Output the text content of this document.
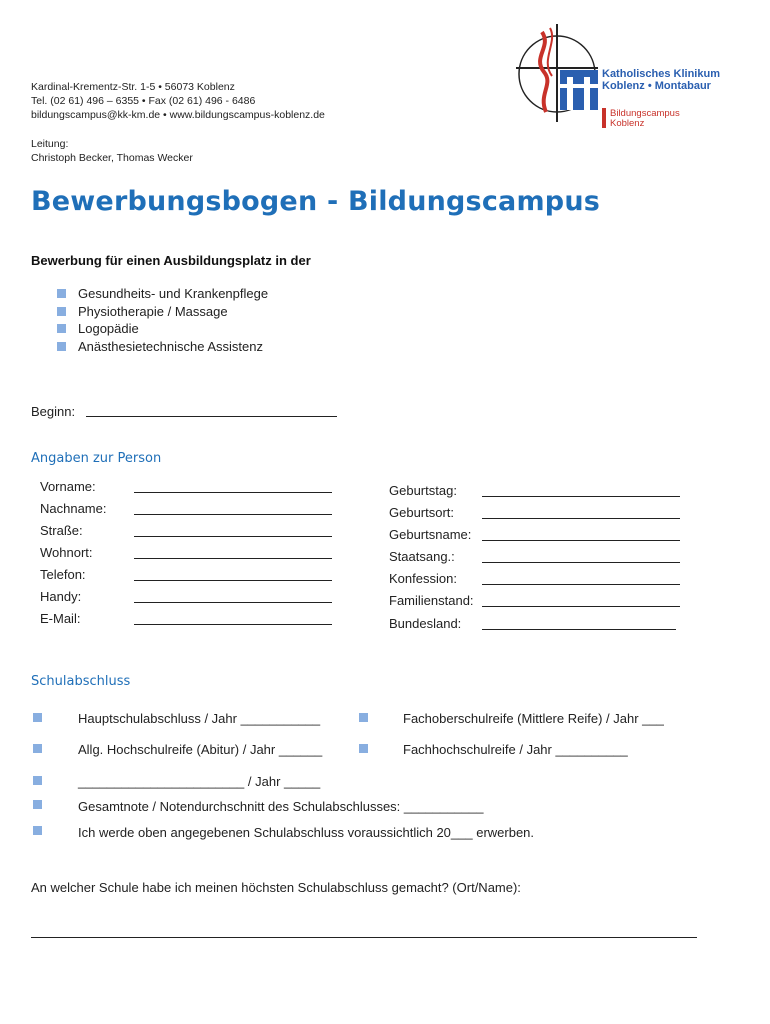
Kardinal-Krementz-Str. 1-5 • 56073 Koblenz
Tel. (02 61) 496 – 6355 • Fax (02 61) 496 - 6486
bildungscampus@kk-km.de • www.bildungscampus-koblenz.de
Leitung:
Christoph Becker, Thomas Wecker
Katholisches Klinikum
Koblenz • Montabaur
Bildungscampus
Koblenz
Bewerbungsbogen - Bildungscampus
Bewerbung für einen Ausbildungsplatz in der
Gesundheits- und Krankenpflege
Physiotherapie / Massage
Logopädie
Anästhesietechnische Assistenz
Beginn:
Angaben zur Person
Vorname:
Nachname:
Straße:
Wohnort:
Telefon:
Handy:
E-Mail:
Geburtstag:
Geburtsort:
Geburtsname:
Staatsang.:
Konfession:
Familienstand:
Bundesland:
Schulabschluss
Hauptschulabschluss / Jahr ___________	Fachoberschulreife (Mittlere Reife) / Jahr ___
Allg. Hochschulreife (Abitur) / Jahr ______	Fachhochschulreife / Jahr __________
_______________________ / Jahr _____
Gesamtnote / Notendurchschnitt des Schulabschlusses: ___________
Ich werde oben angegebenen Schulabschluss voraussichtlich 20___ erwerben.
An welcher Schule habe ich meinen höchsten Schulabschluss gemacht? (Ort/Name):
